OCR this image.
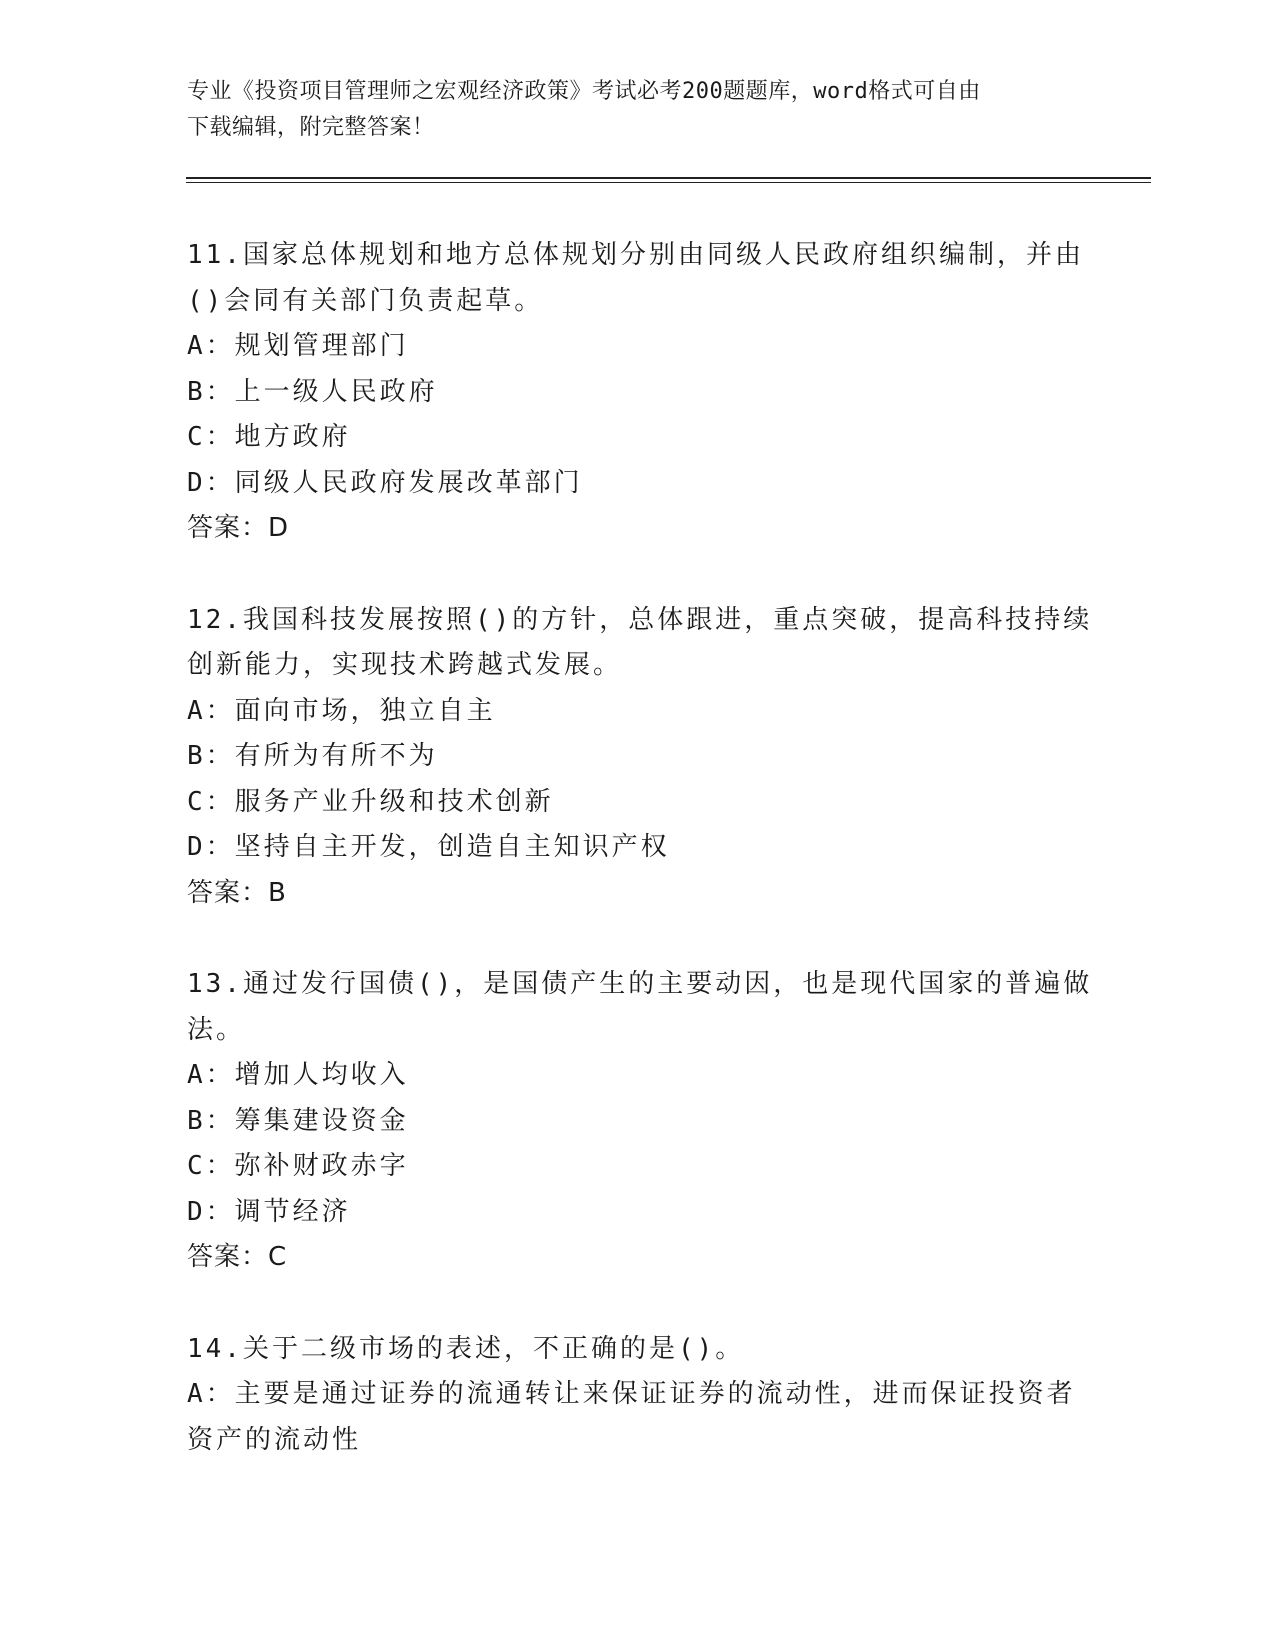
专业《投资项目管理师之宏观经济政策》考试必考200题题库，word格式可自由
下载编辑，附完整答案！
11.国家总体规划和地方总体规划分别由同级人民政府组织编制，并由
()会同有关部门负责起草。
A：规划管理部门
B：上一级人民政府
C：地方政府
D：同级人民政府发展改革部门
答案：D
12.我国科技发展按照()的方针，总体跟进，重点突破，提高科技持续
创新能力，实现技术跨越式发展。
A：面向市场，独立自主
B：有所为有所不为
C：服务产业升级和技术创新
D：坚持自主开发，创造自主知识产权
答案：B
13.通过发行国债()，是国债产生的主要动因，也是现代国家的普遍做
法。
A：增加人均收入
B：筹集建设资金
C：弥补财政赤字
D：调节经济
答案：C
14.关于二级市场的表述，不正确的是()。
A：主要是通过证券的流通转让来保证证券的流动性，进而保证投资者
资产的流动性
